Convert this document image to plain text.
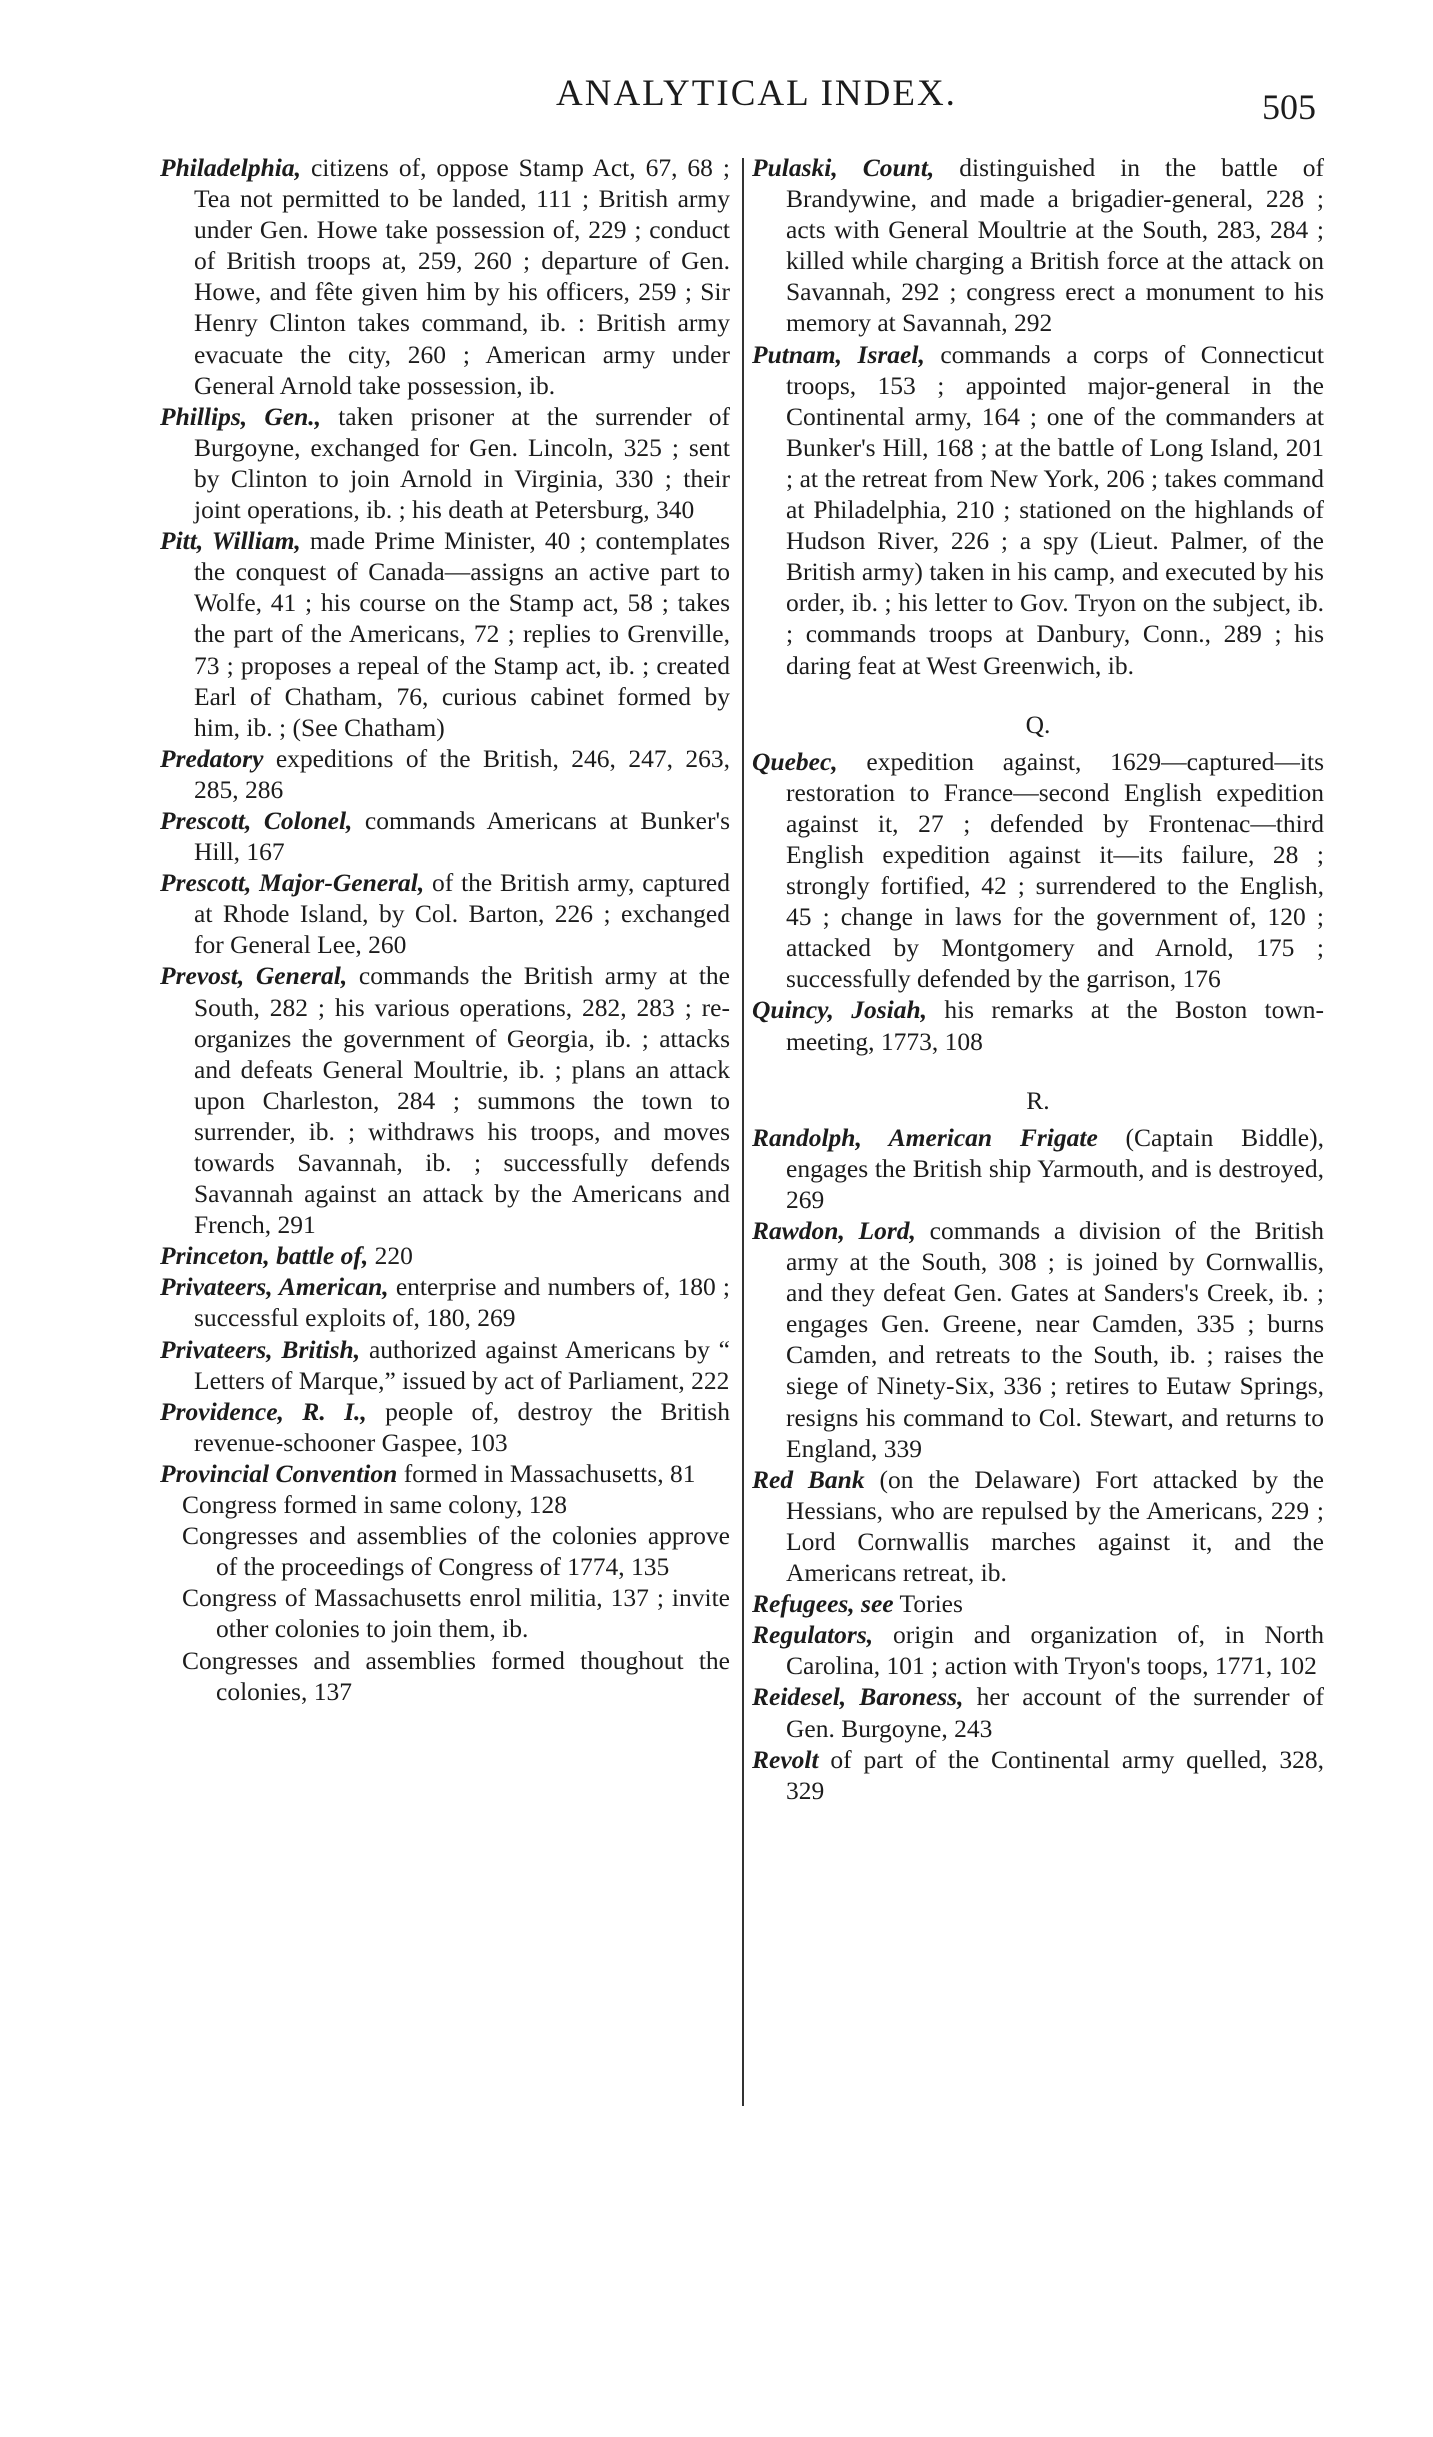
ANALYTICAL INDEX.	505
Philadelphia, citizens of, oppose Stamp Act, 67, 68 ; Tea not permitted to be landed, 111 ; British army under Gen. Howe take possession of, 229 ; conduct of British troops at, 259, 260 ; departure of Gen. Howe, and fête given him by his officers, 259 ; Sir Henry Clinton takes command, ib. : British army evacuate the city, 260 ; American army under General Arnold take possession, ib.
Phillips, Gen., taken prisoner at the surrender of Burgoyne, exchanged for Gen. Lincoln, 325 ; sent by Clinton to join Arnold in Virginia, 330 ; their joint operations, ib. ; his death at Petersburg, 340
Pitt, William, made Prime Minister, 40 ; contemplates the conquest of Canada—assigns an active part to Wolfe, 41 ; his course on the Stamp act, 58 ; takes the part of the Americans, 72 ; replies to Grenville, 73 ; proposes a repeal of the Stamp act, ib. ; created Earl of Chatham, 76, curious cabinet formed by him, ib. ; (See Chatham)
Predatory expeditions of the British, 246, 247, 263, 285, 286
Prescott, Colonel, commands Americans at Bunker's Hill, 167
Prescott, Major-General, of the British army, captured at Rhode Island, by Col. Barton, 226 ; exchanged for General Lee, 260
Prevost, General, commands the British army at the South, 282 ; his various operations, 282, 283 ; re-organizes the government of Georgia, ib. ; attacks and defeats General Moultrie, ib. ; plans an attack upon Charleston, 284 ; summons the town to surrender, ib. ; withdraws his troops, and moves towards Savannah, ib. ; successfully defends Savannah against an attack by the Americans and French, 291
Princeton, battle of, 220
Privateers, American, enterprise and numbers of, 180 ; successful exploits of, 180, 269
Privateers, British, authorized against Americans by “ Letters of Marque,” issued by act of Parliament, 222
Providence, R. I., people of, destroy the British revenue-schooner Gaspee, 103
Provincial Convention formed in Massachusetts, 81
Congress formed in same colony, 128
Congresses and assemblies of the colonies approve of the proceedings of Congress of 1774, 135
Congress of Massachusetts enrol militia, 137 ; invite other colonies to join them, ib.
Congresses and assemblies formed thoughout the colonies, 137
Pulaski, Count, distinguished in the battle of Brandywine, and made a brigadier-general, 228 ; acts with General Moultrie at the South, 283, 284 ; killed while charging a British force at the attack on Savannah, 292 ; congress erect a monument to his memory at Savannah, 292
Putnam, Israel, commands a corps of Connecticut troops, 153 ; appointed major-general in the Continental army, 164 ; one of the commanders at Bunker's Hill, 168 ; at the battle of Long Island, 201 ; at the retreat from New York, 206 ; takes command at Philadelphia, 210 ; stationed on the highlands of Hudson River, 226 ; a spy (Lieut. Palmer, of the British army) taken in his camp, and executed by his order, ib. ; his letter to Gov. Tryon on the subject, ib. ; commands troops at Danbury, Conn., 289 ; his daring feat at West Greenwich, ib.
Q.
Quebec, expedition against, 1629—captured—its restoration to France—second English expedition against it, 27 ; defended by Frontenac—third English expedition against it—its failure, 28 ; strongly fortified, 42 ; surrendered to the English, 45 ; change in laws for the government of, 120 ; attacked by Montgomery and Arnold, 175 ; successfully defended by the garrison, 176
Quincy, Josiah, his remarks at the Boston town-meeting, 1773, 108
R.
Randolph, American Frigate (Captain Biddle), engages the British ship Yarmouth, and is destroyed, 269
Rawdon, Lord, commands a division of the British army at the South, 308 ; is joined by Cornwallis, and they defeat Gen. Gates at Sanders's Creek, ib. ; engages Gen. Greene, near Camden, 335 ; burns Camden, and retreats to the South, ib. ; raises the siege of Ninety-Six, 336 ; retires to Eutaw Springs, resigns his command to Col. Stewart, and returns to England, 339
Red Bank (on the Delaware) Fort attacked by the Hessians, who are repulsed by the Americans, 229 ; Lord Cornwallis marches against it, and the Americans retreat, ib.
Refugees, see Tories
Regulators, origin and organization of, in North Carolina, 101 ; action with Tryon's toops, 1771, 102
Reidesel, Baroness, her account of the surrender of Gen. Burgoyne, 243
Revolt of part of the Continental army quelled, 328, 329
